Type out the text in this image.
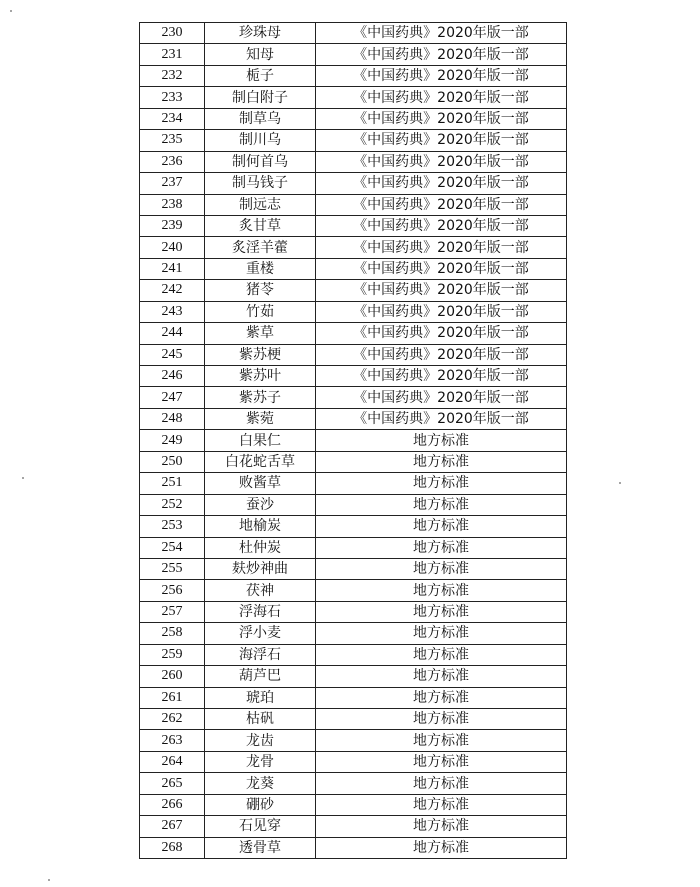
230	珍珠母	《中国药典》2020年版一部
231	知母	《中国药典》2020年版一部
232	栀子	《中国药典》2020年版一部
233	制白附子	《中国药典》2020年版一部
234	制草乌	《中国药典》2020年版一部
235	制川乌	《中国药典》2020年版一部
236	制何首乌	《中国药典》2020年版一部
237	制马钱子	《中国药典》2020年版一部
238	制远志	《中国药典》2020年版一部
239	炙甘草	《中国药典》2020年版一部
240	炙淫羊藿	《中国药典》2020年版一部
241	重楼	《中国药典》2020年版一部
242	猪苓	《中国药典》2020年版一部
243	竹茹	《中国药典》2020年版一部
244	紫草	《中国药典》2020年版一部
245	紫苏梗	《中国药典》2020年版一部
246	紫苏叶	《中国药典》2020年版一部
247	紫苏子	《中国药典》2020年版一部
248	紫菀	《中国药典》2020年版一部
249	白果仁	地方标准
250	白花蛇舌草	地方标准
251	败酱草	地方标准
252	蚕沙	地方标准
253	地榆炭	地方标准
254	杜仲炭	地方标准
255	麸炒神曲	地方标准
256	茯神	地方标准
257	浮海石	地方标准
258	浮小麦	地方标准
259	海浮石	地方标准
260	葫芦巴	地方标准
261	琥珀	地方标准
262	枯矾	地方标准
263	龙齿	地方标准
264	龙骨	地方标准
265	龙葵	地方标准
266	硼砂	地方标准
267	石见穿	地方标准
268	透骨草	地方标准
